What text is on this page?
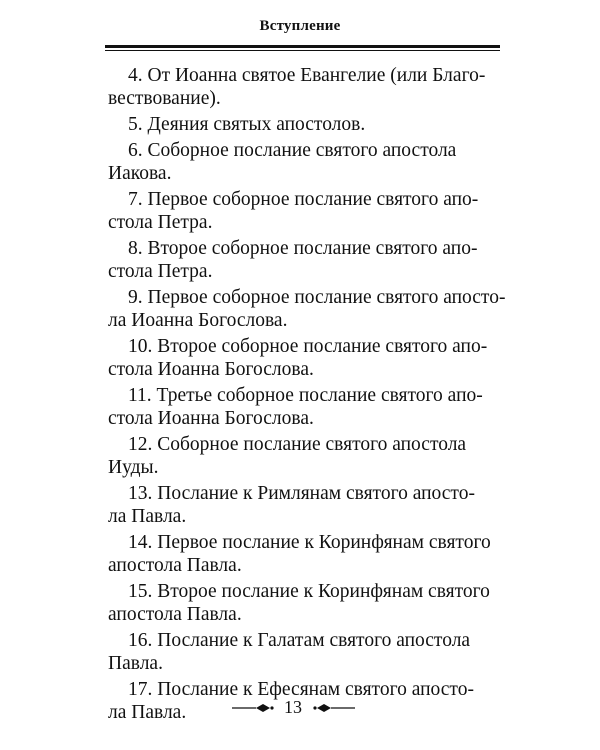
Вступление
4. От Иоанна святое Евангелие (или Благо-
вествование).
5. Деяния святых апостолов.
6. Соборное послание святого апостола
Иакова.
7. Первое соборное послание святого апо-
стола Петра.
8. Второе соборное послание святого апо-
стола Петра.
9. Первое соборное послание святого апосто-
ла Иоанна Богослова.
10. Второе соборное послание святого апо-
стола Иоанна Богослова.
11. Третье соборное послание святого апо-
стола Иоанна Богослова.
12. Соборное послание святого апостола
Иуды.
13. Послание к Римлянам святого апосто-
ла Павла.
14. Первое послание к Коринфянам святого
апостола Павла.
15. Второе послание к Коринфянам святого
апостола Павла.
16. Послание к Галатам святого апостола
Павла.
17. Послание к Ефесянам святого апосто-
ла Павла.	13
